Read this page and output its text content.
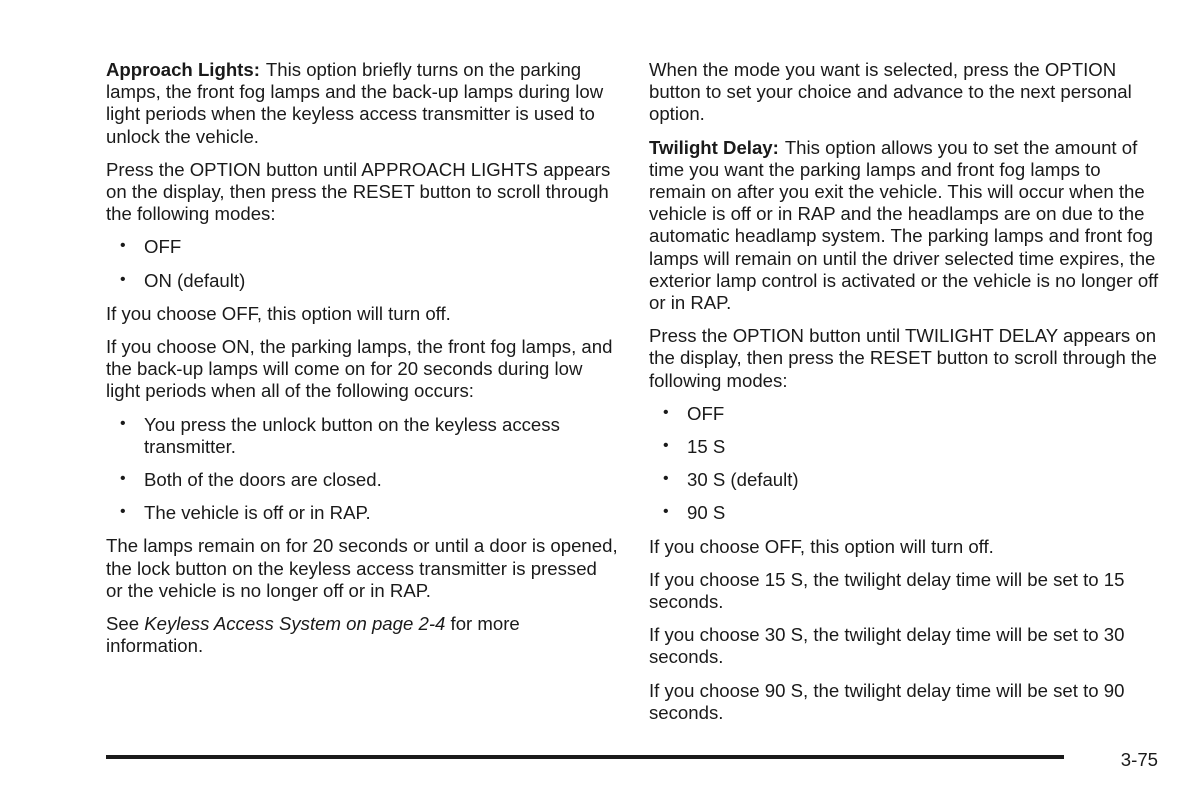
Approach Lights: This option briefly turns on the parking lamps, the front fog lamps and the back-up lamps during low light periods when the keyless access transmitter is used to unlock the vehicle.

Press the OPTION button until APPROACH LIGHTS appears on the display, then press the RESET button to scroll through the following modes:

• OFF
• ON (default)

If you choose OFF, this option will turn off.

If you choose ON, the parking lamps, the front fog lamps, and the back-up lamps will come on for 20 seconds during low light periods when all of the following occurs:

• You press the unlock button on the keyless access transmitter.
• Both of the doors are closed.
• The vehicle is off or in RAP.

The lamps remain on for 20 seconds or until a door is opened, the lock button on the keyless access transmitter is pressed or the vehicle is no longer off or in RAP.

See Keyless Access System on page 2-4 for more information.

When the mode you want is selected, press the OPTION button to set your choice and advance to the next personal option.

Twilight Delay: This option allows you to set the amount of time you want the parking lamps and front fog lamps to remain on after you exit the vehicle. This will occur when the vehicle is off or in RAP and the headlamps are on due to the automatic headlamp system. The parking lamps and front fog lamps will remain on until the driver selected time expires, the exterior lamp control is activated or the vehicle is no longer off or in RAP.

Press the OPTION button until TWILIGHT DELAY appears on the display, then press the RESET button to scroll through the following modes:

• OFF
• 15 S
• 30 S (default)
• 90 S

If you choose OFF, this option will turn off.

If you choose 15 S, the twilight delay time will be set to 15 seconds.

If you choose 30 S, the twilight delay time will be set to 30 seconds.

If you choose 90 S, the twilight delay time will be set to 90 seconds.

3-75
